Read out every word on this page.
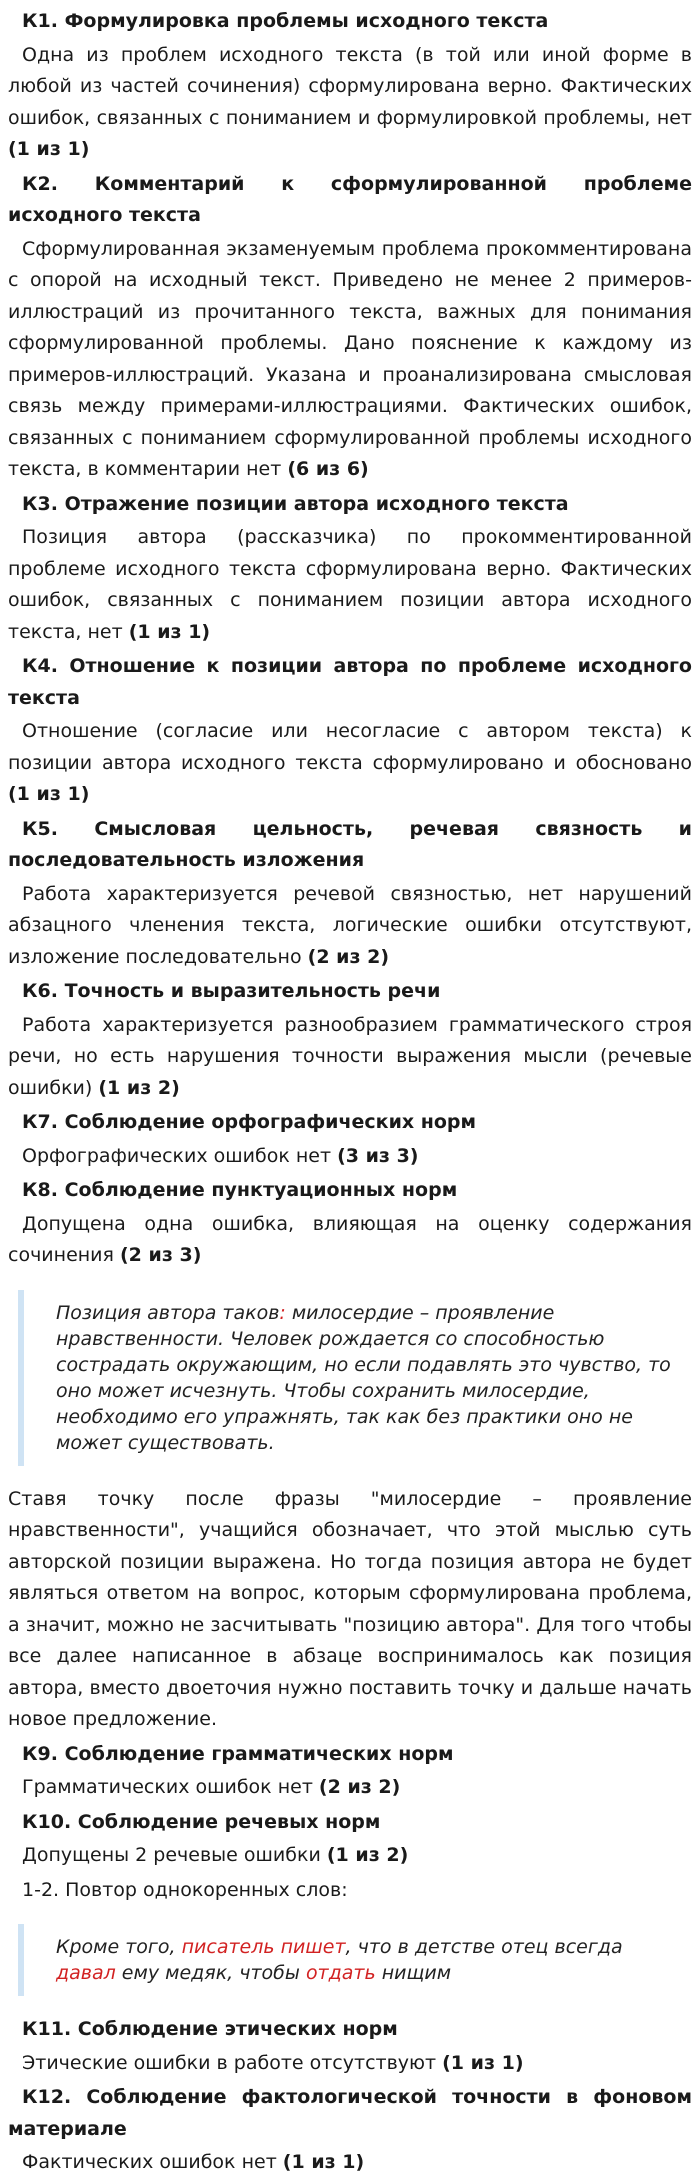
К1. Формулировка проблемы исходного текста
Одна из проблем исходного текста (в той или иной форме в любой из частей сочинения) сформулирована верно. Фактических ошибок, связанных с пониманием и формулировкой проблемы, нет (1 из 1)
К2. Комментарий к сформулированной проблеме исходного текста
Сформулированная экзаменуемым проблема прокомментирована с опорой на исходный текст. Приведено не менее 2 примеров-иллюстраций из прочитанного текста, важных для понимания сформулированной проблемы. Дано пояснение к каждому из примеров-иллюстраций. Указана и проанализирована смысловая связь между примерами-иллюстрациями. Фактических ошибок, связанных с пониманием сформулированной проблемы исходного текста, в комментарии нет (6 из 6)
К3. Отражение позиции автора исходного текста
Позиция автора (рассказчика) по прокомментированной проблеме исходного текста сформулирована верно. Фактических ошибок, связанных с пониманием позиции автора исходного текста, нет (1 из 1)
К4. Отношение к позиции автора по проблеме исходного текста
Отношение (согласие или несогласие с автором текста) к позиции автора исходного текста сформулировано и обосновано (1 из 1)
К5. Смысловая цельность, речевая связность и последовательность изложения
Работа характеризуется речевой связностью, нет нарушений абзацного членения текста, логические ошибки отсутствуют, изложение последовательно (2 из 2)
К6. Точность и выразительность речи
Работа характеризуется разнообразием грамматического строя речи, но есть нарушения точности выражения мысли (речевые ошибки) (1 из 2)
К7. Соблюдение орфографических норм
Орфографических ошибок нет (3 из 3)
К8. Соблюдение пунктуационных норм
Допущена одна ошибка, влияющая на оценку содержания сочинения (2 из 3)
Позиция автора таков: милосердие – проявление нравственности. Человек рождается со способностью сострадать окружающим, но если подавлять это чувство, то оно может исчезнуть. Чтобы сохранить милосердие, необходимо его упражнять, так как без практики оно не может существовать.
Ставя точку после фразы "милосердие – проявление нравственности", учащийся обозначает, что этой мыслью суть авторской позиции выражена. Но тогда позиция автора не будет являться ответом на вопрос, которым сформулирована проблема, а значит, можно не засчитывать "позицию автора". Для того чтобы все далее написанное в абзаце воспринималось как позиция автора, вместо двоеточия нужно поставить точку и дальше начать новое предложение.
К9. Соблюдение грамматических норм
Грамматических ошибок нет (2 из 2)
К10. Соблюдение речевых норм
Допущены 2 речевые ошибки (1 из 2)
1-2. Повтор однокоренных слов:
Кроме того, писатель пишет, что в детстве отец всегда давал ему медяк, чтобы отдать нищим
К11. Соблюдение этических норм
Этические ошибки в работе отсутствуют (1 из 1)
К12. Соблюдение фактологической точности в фоновом материале
Фактических ошибок нет (1 из 1)
